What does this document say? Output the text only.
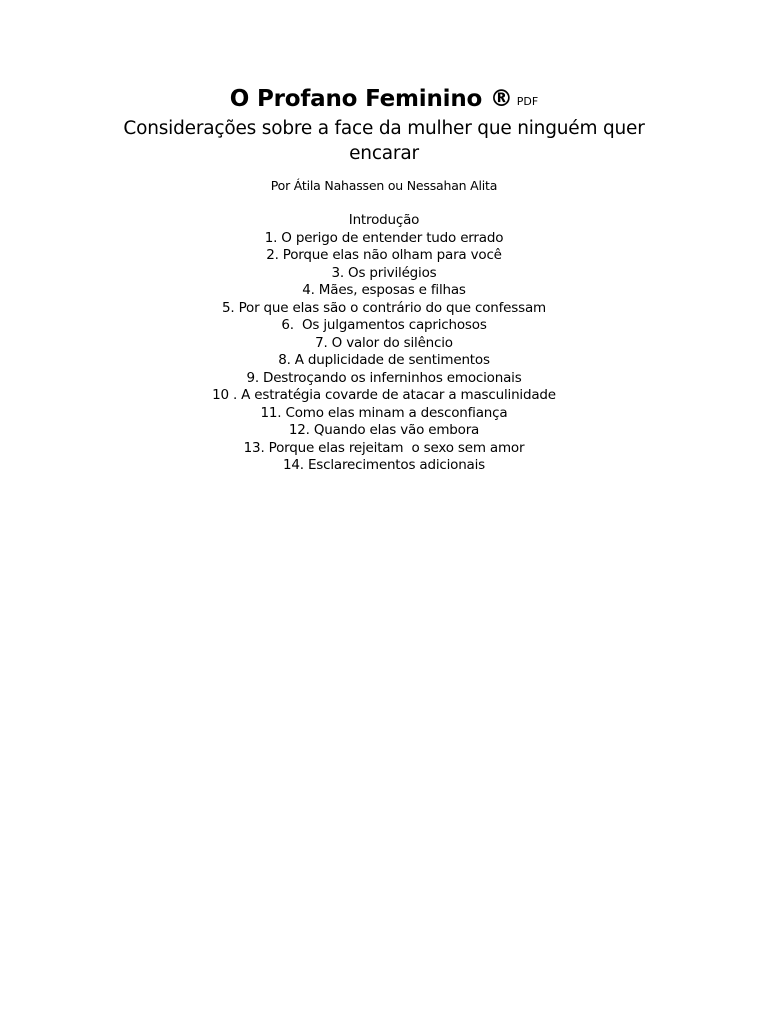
O Profano Feminino ® PDF
Considerações sobre a face da mulher que ninguém quer encarar
Por Átila Nahassen ou Nessahan Alita
Introdução
1. O perigo de entender tudo errado
2. Porque elas não olham para você
3. Os privilégios
4. Mães, esposas e filhas
5. Por que elas são o contrário do que confessam
6.  Os julgamentos caprichosos
7. O valor do silêncio
8. A duplicidade de sentimentos
9. Destroçando os inferninhos emocionais
10 . A estratégia covarde de atacar a masculinidade
11. Como elas minam a desconfiança
12. Quando elas vão embora
13. Porque elas rejeitam  o sexo sem amor
14. Esclarecimentos adicionais
